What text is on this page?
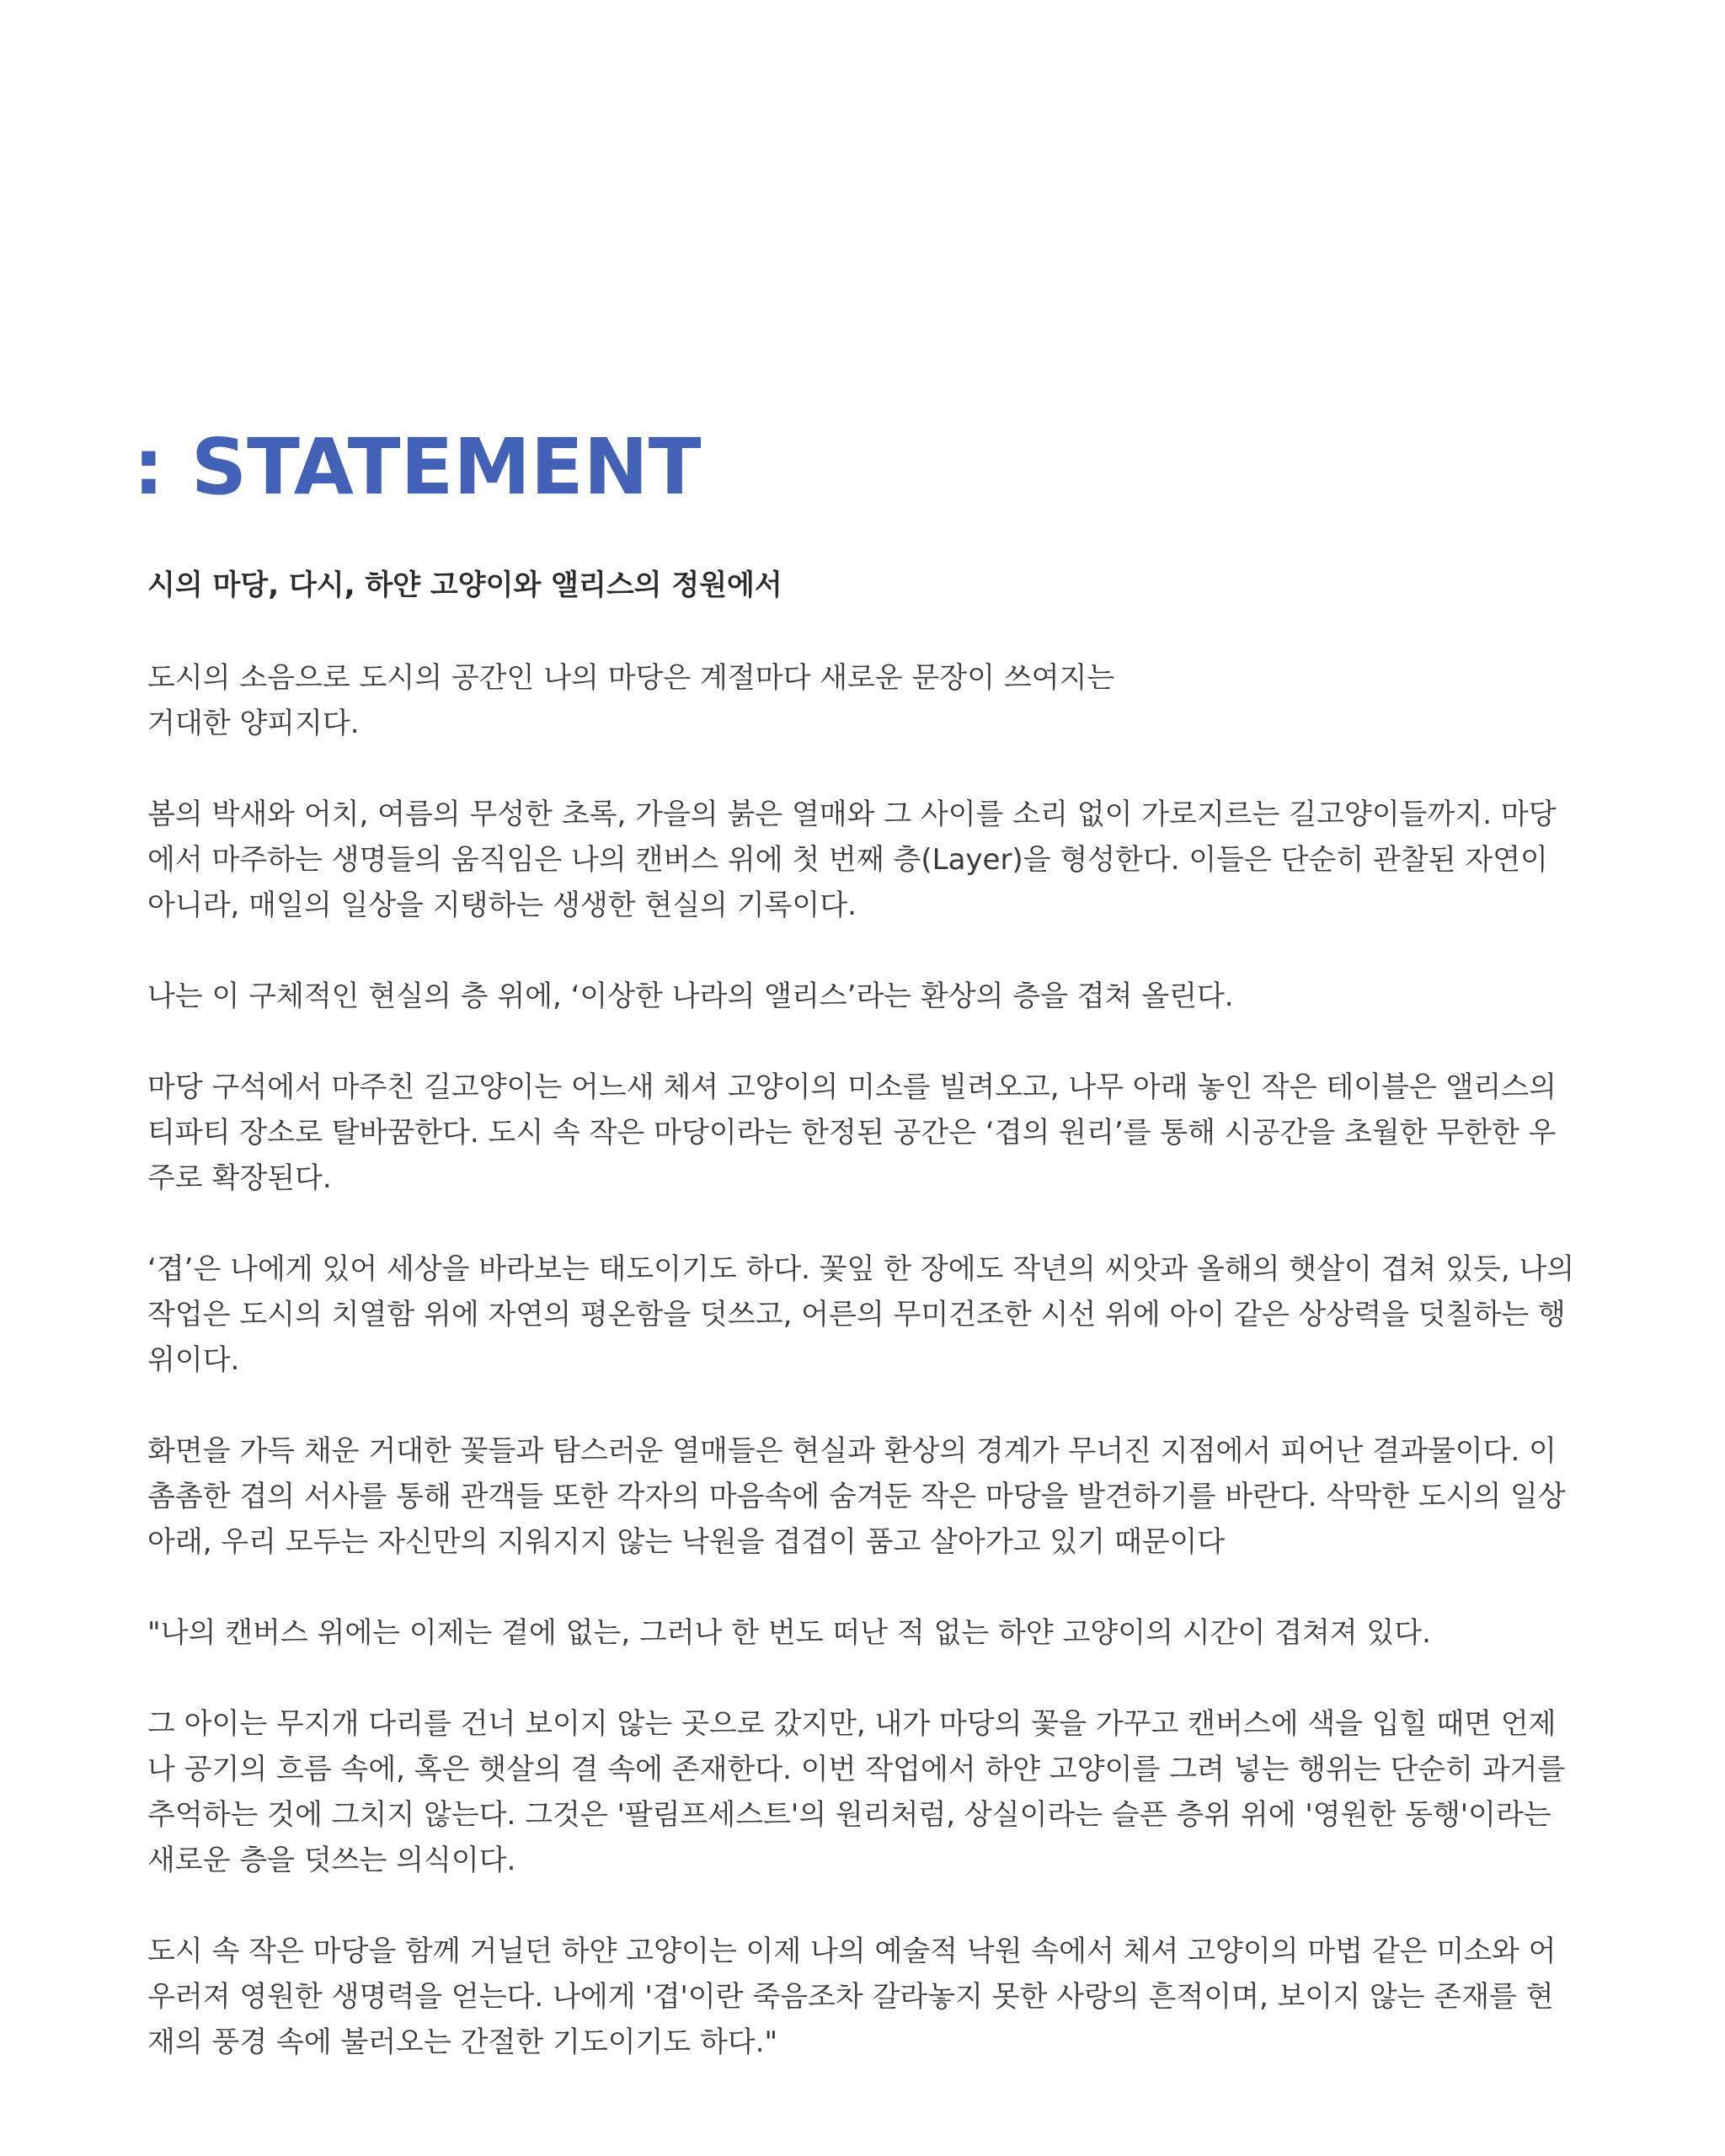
: STATEMENT
시의 마당, 다시, 하얀 고양이와 앨리스의 정원에서

도시의 소음으로 도시의 공간인 나의 마당은 계절마다 새로운 문장이 쓰여지는
거대한 양피지다.

봄의 박새와 어치, 여름의 무성한 초록, 가을의 붉은 열매와 그 사이를 소리 없이 가로지르는 길고양이들까지. 마당
에서 마주하는 생명들의 움직임은 나의 캔버스 위에 첫 번째 층(Layer)을 형성한다. 이들은 단순히 관찰된 자연이
아니라, 매일의 일상을 지탱하는 생생한 현실의 기록이다.

나는 이 구체적인 현실의 층 위에, ‘이상한 나라의 앨리스’라는 환상의 층을 겹쳐 올린다.

마당 구석에서 마주친 길고양이는 어느새 체셔 고양이의 미소를 빌려오고, 나무 아래 놓인 작은 테이블은 앨리스의
티파티 장소로 탈바꿈한다. 도시 속 작은 마당이라는 한정된 공간은 ‘겹의 원리’를 통해 시공간을 초월한 무한한 우
주로 확장된다.

‘겹’은 나에게 있어 세상을 바라보는 태도이기도 하다. 꽃잎 한 장에도 작년의 씨앗과 올해의 햇살이 겹쳐 있듯, 나의
작업은 도시의 치열함 위에 자연의 평온함을 덧쓰고, 어른의 무미건조한 시선 위에 아이 같은 상상력을 덧칠하는 행
위이다.

화면을 가득 채운 거대한 꽃들과 탐스러운 열매들은 현실과 환상의 경계가 무너진 지점에서 피어난 결과물이다. 이
촘촘한 겹의 서사를 통해 관객들 또한 각자의 마음속에 숨겨둔 작은 마당을 발견하기를 바란다. 삭막한 도시의 일상
아래, 우리 모두는 자신만의 지워지지 않는 낙원을 겹겹이 품고 살아가고 있기 때문이다

"나의 캔버스 위에는 이제는 곁에 없는, 그러나 한 번도 떠난 적 없는 하얀 고양이의 시간이 겹쳐져 있다.

그 아이는 무지개 다리를 건너 보이지 않는 곳으로 갔지만, 내가 마당의 꽃을 가꾸고 캔버스에 색을 입힐 때면 언제
나 공기의 흐름 속에, 혹은 햇살의 결 속에 존재한다. 이번 작업에서 하얀 고양이를 그려 넣는 행위는 단순히 과거를
추억하는 것에 그치지 않는다. 그것은 '팔림프세스트'의 원리처럼, 상실이라는 슬픈 층위 위에 '영원한 동행'이라는
새로운 층을 덧쓰는 의식이다.

도시 속 작은 마당을 함께 거닐던 하얀 고양이는 이제 나의 예술적 낙원 속에서 체셔 고양이의 마법 같은 미소와 어
우러져 영원한 생명력을 얻는다. 나에게 '겹'이란 죽음조차 갈라놓지 못한 사랑의 흔적이며, 보이지 않는 존재를 현
재의 풍경 속에 불러오는 간절한 기도이기도 하다."
